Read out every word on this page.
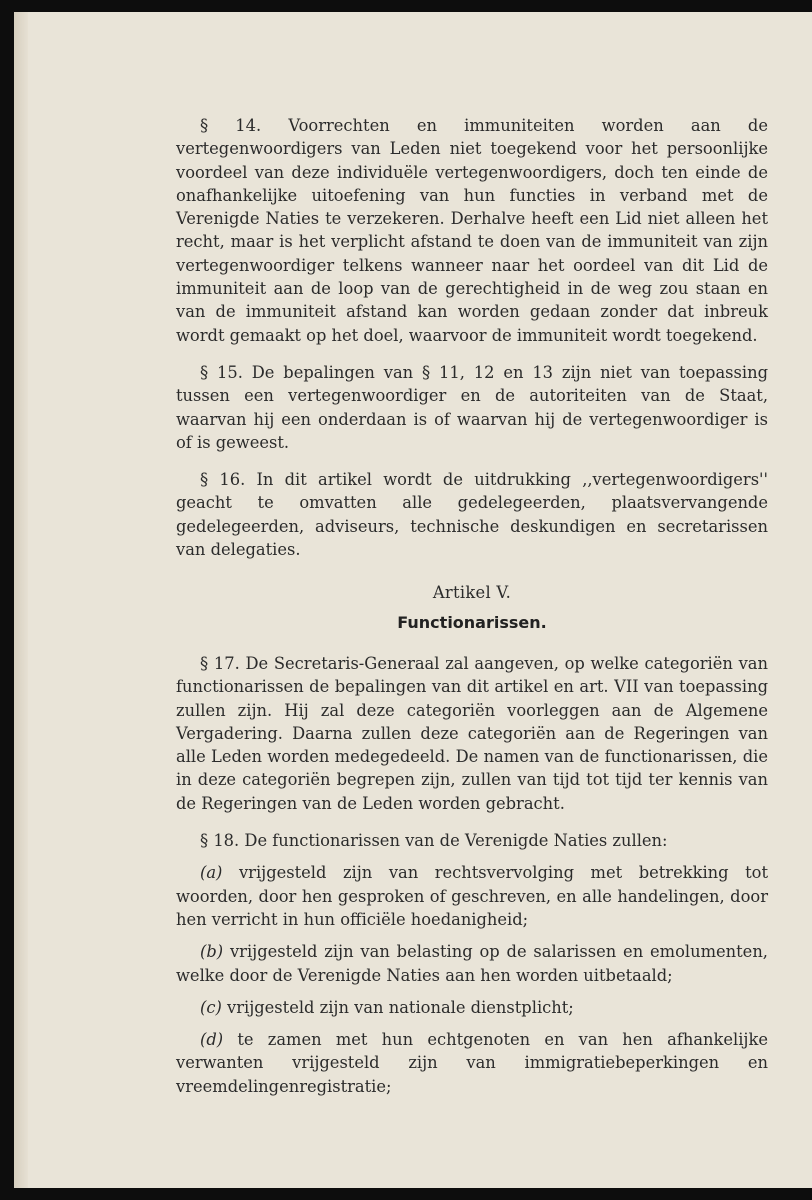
§ 14. Voorrechten en immuniteiten worden aan de vertegenwoordigers van Leden niet toegekend voor het persoonlijke voordeel van deze individuële vertegenwoordigers, doch ten einde de onafhankelijke uitoefening van hun functies in verband met de Verenigde Naties te verzekeren. Derhalve heeft een Lid niet alleen het recht, maar is het verplicht afstand te doen van de immuniteit van zijn vertegenwoordiger telkens wanneer naar het oordeel van dit Lid de immuniteit aan de loop van de gerechtigheid in de weg zou staan en van de immuniteit afstand kan worden gedaan zonder dat inbreuk wordt gemaakt op het doel, waarvoor de immuniteit wordt toegekend.

§ 15. De bepalingen van § 11, 12 en 13 zijn niet van toepassing tussen een vertegenwoordiger en de autoriteiten van de Staat, waarvan hij een onderdaan is of waarvan hij de vertegenwoordiger is of is geweest.

§ 16. In dit artikel wordt de uitdrukking ,,vertegenwoordigers'' geacht te omvatten alle gedelegeerden, plaatsvervangende gedelegeerden, adviseurs, technische deskundigen en secretarissen van delegaties.

Artikel V.

Functionarissen.

§ 17. De Secretaris-Generaal zal aangeven, op welke categoriën van functionarissen de bepalingen van dit artikel en art. VII van toepassing zullen zijn. Hij zal deze categoriën voorleggen aan de Algemene Vergadering. Daarna zullen deze categoriën aan de Regeringen van alle Leden worden medegedeeld. De namen van de functionarissen, die in deze categoriën begrepen zijn, zullen van tijd tot tijd ter kennis van de Regeringen van de Leden worden gebracht.

§ 18. De functionarissen van de Verenigde Naties zullen:

(a) vrijgesteld zijn van rechtsvervolging met betrekking tot woorden, door hen gesproken of geschreven, en alle handelingen, door hen verricht in hun officiële hoedanigheid;

(b) vrijgesteld zijn van belasting op de salarissen en emolumenten, welke door de Verenigde Naties aan hen worden uitbetaald;

(c) vrijgesteld zijn van nationale dienstplicht;

(d) te zamen met hun echtgenoten en van hen afhankelijke verwanten vrijgesteld zijn van immigratiebeperkingen en vreemdelingenregistratie;
